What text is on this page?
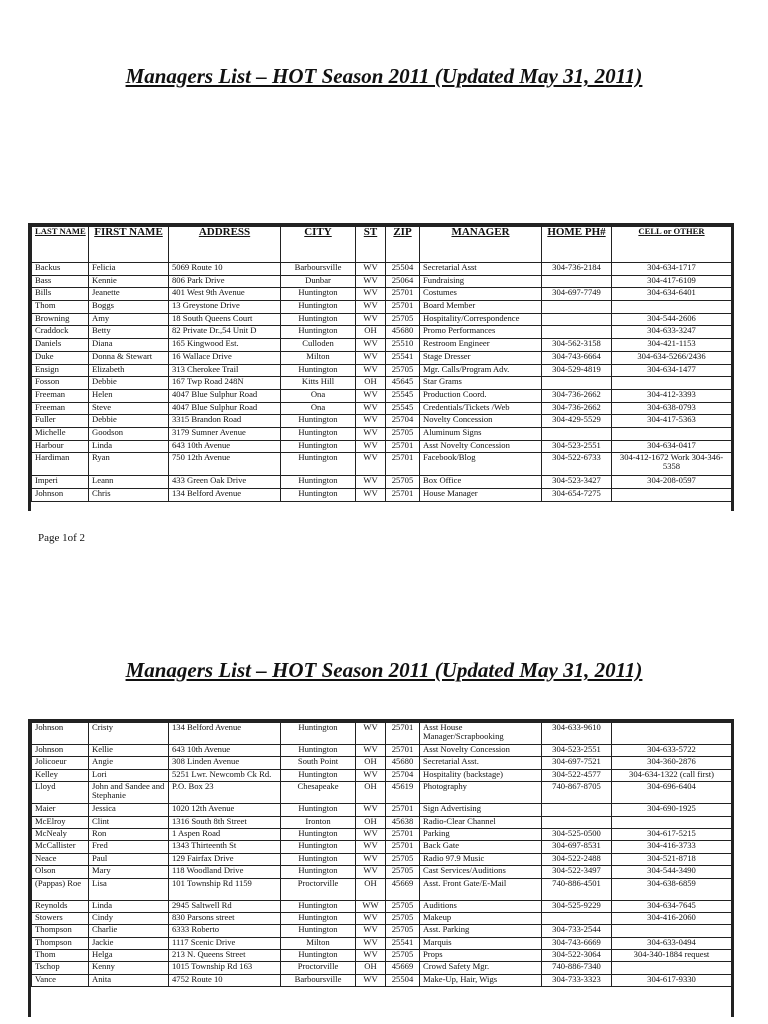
Managers List – HOT Season 2011 (Updated May 31, 2011)
LAST NAME	FIRST NAME	ADDRESS	CITY	ST	ZIP	MANAGER	HOME PH#	CELL or OTHER
Backus	Felicia	5069 Route 10	Barboursville	WV	25504	Secretarial Asst	304-736-2184	304-634-1717
Bass	Kennie	806 Park Drive	Dunbar	WV	25064	Fundraising		304-417-6109
Bills	Jeanette	401 West 9th Avenue	Huntington	WV	25701	Costumes	304-697-7749	304-634-6401
Thom	Boggs	13 Greystone Drive	Huntington	WV	25701	Board Member		
Browning	Amy	18 South Queens Court	Huntington	WV	25705	Hospitality/Correspondence		304-544-2606
Craddock	Betty	82 Private Dr.,54 Unit D	Huntington	OH	45680	Promo Performances		304-633-3247
Daniels	Diana	165 Kingwood Est.	Culloden	WV	25510	Restroom Engineer	304-562-3158	304-421-1153
Duke	Donna & Stewart	16 Wallace Drive	Milton	WV	25541	Stage Dresser	304-743-6664	304-634-5266/2436
Ensign	Elizabeth	313 Cherokee Trail	Huntington	WV	25705	Mgr. Calls/Program Adv.	304-529-4819	304-634-1477
Fosson	Debbie	167 Twp Road 248N	Kitts Hill	OH	45645	Star Grams		
Freeman	Helen	4047 Blue Sulphur Road	Ona	WV	25545	Production Coord.	304-736-2662	304-412-3393
Freeman	Steve	4047 Blue Sulphur Road	Ona	WV	25545	Credentials/Tickets /Web	304-736-2662	304-638-0793
Fuller	Debbie	3315 Brandon Road	Huntington	WV	25704	Novelty Concession	304-429-5529	304-417-5363
Michelle	Goodson	3179 Sumner Avenue	Huntington	WV	25705	Aluminum Signs		
Harbour	Linda	643 10th Avenue	Huntington	WV	25701	Asst Novelty Concession	304-523-2551	304-634-0417
Hardiman	Ryan	750 12th Avenue	Huntington	WV	25701	Facebook/Blog	304-522-6733	304-412-1672 Work 304-346-5358
Imperi	Leann	433 Green Oak Drive	Huntington	WV	25705	Box Office	304-523-3427	304-208-0597
Johnson	Chris	134 Belford Avenue	Huntington	WV	25701	House Manager	304-654-7275	
Page 1of 2
Managers List – HOT Season 2011 (Updated May 31, 2011)
Johnson	Cristy	134 Belford Avenue	Huntington	WV	25701	Asst House Manager/Scrapbooking	304-633-9610	
Johnson	Kellie	643 10th Avenue	Huntington	WV	25701	Asst Novelty Concession	304-523-2551	304-633-5722
Jolicoeur	Angie	308 Linden Avenue	South Point	OH	45680	Secretarial Asst.	304-697-7521	304-360-2876
Kelley	Lori	5251 Lwr. Newcomb Ck Rd.	Huntington	WV	25704	Hospitality (backstage)	304-522-4577	304-634-1322 (call first)
Lloyd	John and Sandee and Stephanie	P.O. Box 23	Chesapeake	OH	45619	Photography	740-867-8705	304-696-6404
Maier	Jessica	1020 12th Avenue	Huntington	WV	25701	Sign Advertising		304-690-1925
McElroy	Clint	1316 South 8th Street	Ironton	OH	45638	Radio-Clear Channel		
McNealy	Ron	1 Aspen Road	Huntington	WV	25701	Parking	304-525-0500	304-617-5215
McCallister	Fred	1343 Thirteenth St	Huntington	WV	25701	Back Gate	304-697-8531	304-416-3733
Neace	Paul	129 Fairfax Drive	Huntington	WV	25705	Radio 97.9 Music	304-522-2488	304-521-8718
Olson	Mary	118 Woodland Drive	Huntington	WV	25705	Cast Services/Auditions	304-522-3497	304-544-3490
(Pappas) Roe	Lisa	101 Township Rd 1159	Proctorville	OH	45669	Asst. Front Gate/E-Mail	740-886-4501	304-638-6859
Reynolds	Linda	2945 Saltwell Rd	Huntington	WW	25705	Auditions	304-525-9229	304-634-7645
Stowers	Cindy	830 Parsons street	Huntington	WV	25705	Makeup		304-416-2060
Thompson	Charlie	6333 Roberto	Huntington	WV	25705	Asst. Parking	304-733-2544	
Thompson	Jackie	1117 Scenic Drive	Milton	WV	25541	Marquis	304-743-6669	304-633-0494
Thom	Helga	213 N. Queens Street	Huntington	WV	25705	Props	304-522-3064	304-340-1884 request
Tschop	Kenny	1015 Township Rd 163	Proctorville	OH	45669	Crowd Safety Mgr.	740-886-7340	
Vance	Anita	4752 Route 10	Barboursville	WV	25504	Make-Up, Hair, Wigs	304-733-3323	304-617-9330
